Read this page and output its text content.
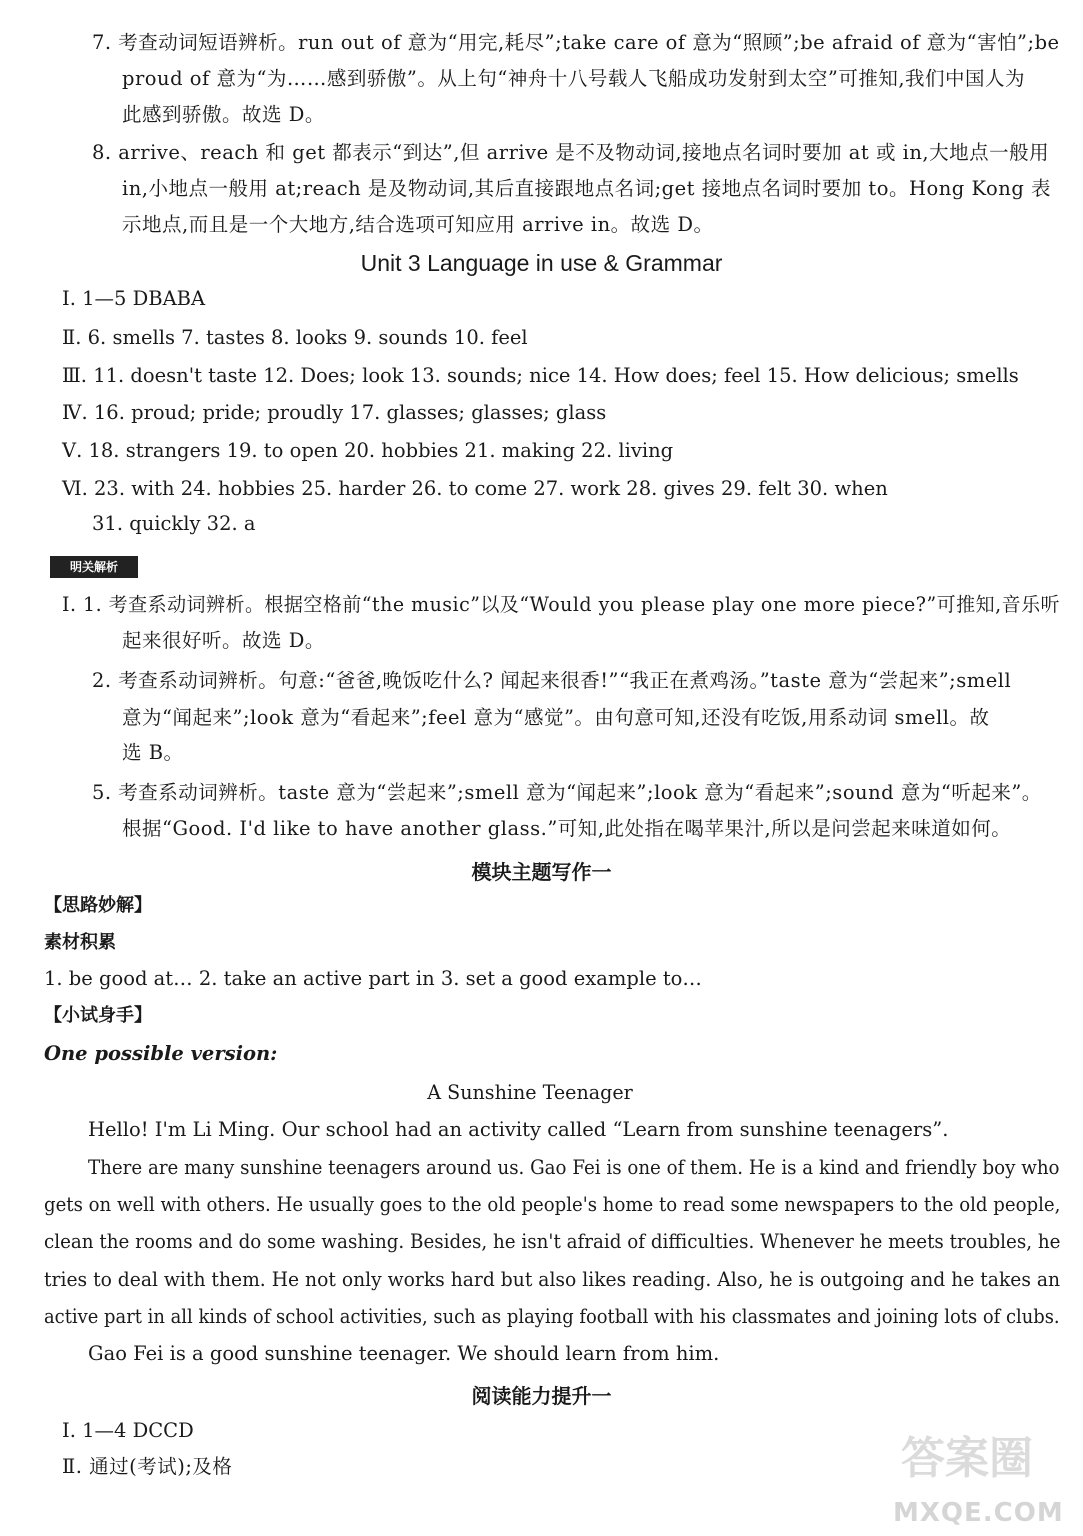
7. 考查动词短语辨析。run out of 意为“用完,耗尽”;take care of 意为“照顾”;be afraid of 意为“害怕”;be
proud of 意为“为……感到骄傲”。从上句“神舟十八号载人飞船成功发射到太空”可推知,我们中国人为
此感到骄傲。故选 D。
8. arrive、reach 和 get 都表示“到达”,但 arrive 是不及物动词,接地点名词时要加 at 或 in,大地点一般用
in,小地点一般用 at;reach 是及物动词,其后直接跟地点名词;get 接地点名词时要加 to。Hong Kong 表
示地点,而且是一个大地方,结合选项可知应用 arrive in。故选 D。
Unit 3 Language in use & Grammar
Ⅰ. 1—5 DBABA
Ⅱ. 6. smells 7. tastes 8. looks 9. sounds 10. feel
Ⅲ. 11. doesn't taste 12. Does; look 13. sounds; nice 14. How does; feel 15. How delicious; smells
Ⅳ. 16. proud; pride; proudly 17. glasses; glasses; glass
Ⅴ. 18. strangers 19. to open 20. hobbies 21. making 22. living
Ⅵ. 23. with 24. hobbies 25. harder 26. to come 27. work 28. gives 29. felt 30. when
31. quickly 32. a
明关解析
Ⅰ. 1. 考查系动词辨析。根据空格前“the music”以及“Would you please play one more piece?”可推知,音乐听
起来很好听。故选 D。
2. 考查系动词辨析。句意:“爸爸,晚饭吃什么? 闻起来很香!”“我正在煮鸡汤。”taste 意为“尝起来”;smell
意为“闻起来”;look 意为“看起来”;feel 意为“感觉”。由句意可知,还没有吃饭,用系动词 smell。故
选 B。
5. 考查系动词辨析。taste 意为“尝起来”;smell 意为“闻起来”;look 意为“看起来”;sound 意为“听起来”。
根据“Good. I'd like to have another glass.”可知,此处指在喝苹果汁,所以是问尝起来味道如何。
模块主题写作一
【思路妙解】
素材积累
1. be good at… 2. take an active part in 3. set a good example to…
【小试身手】
One possible version:
A Sunshine Teenager
Hello! I'm Li Ming. Our school had an activity called “Learn from sunshine teenagers”.
There are many sunshine teenagers around us. Gao Fei is one of them. He is a kind and friendly boy who
gets on well with others. He usually goes to the old people's home to read some newspapers to the old people,
clean the rooms and do some washing. Besides, he isn't afraid of difficulties. Whenever he meets troubles, he
tries to deal with them. He not only works hard but also likes reading. Also, he is outgoing and he takes an
active part in all kinds of school activities, such as playing football with his classmates and joining lots of clubs.
Gao Fei is a good sunshine teenager. We should learn from him.
阅读能力提升一
Ⅰ. 1—4 DCCD
Ⅱ. 通过(考试);及格	答案圈
MXQE.COM
